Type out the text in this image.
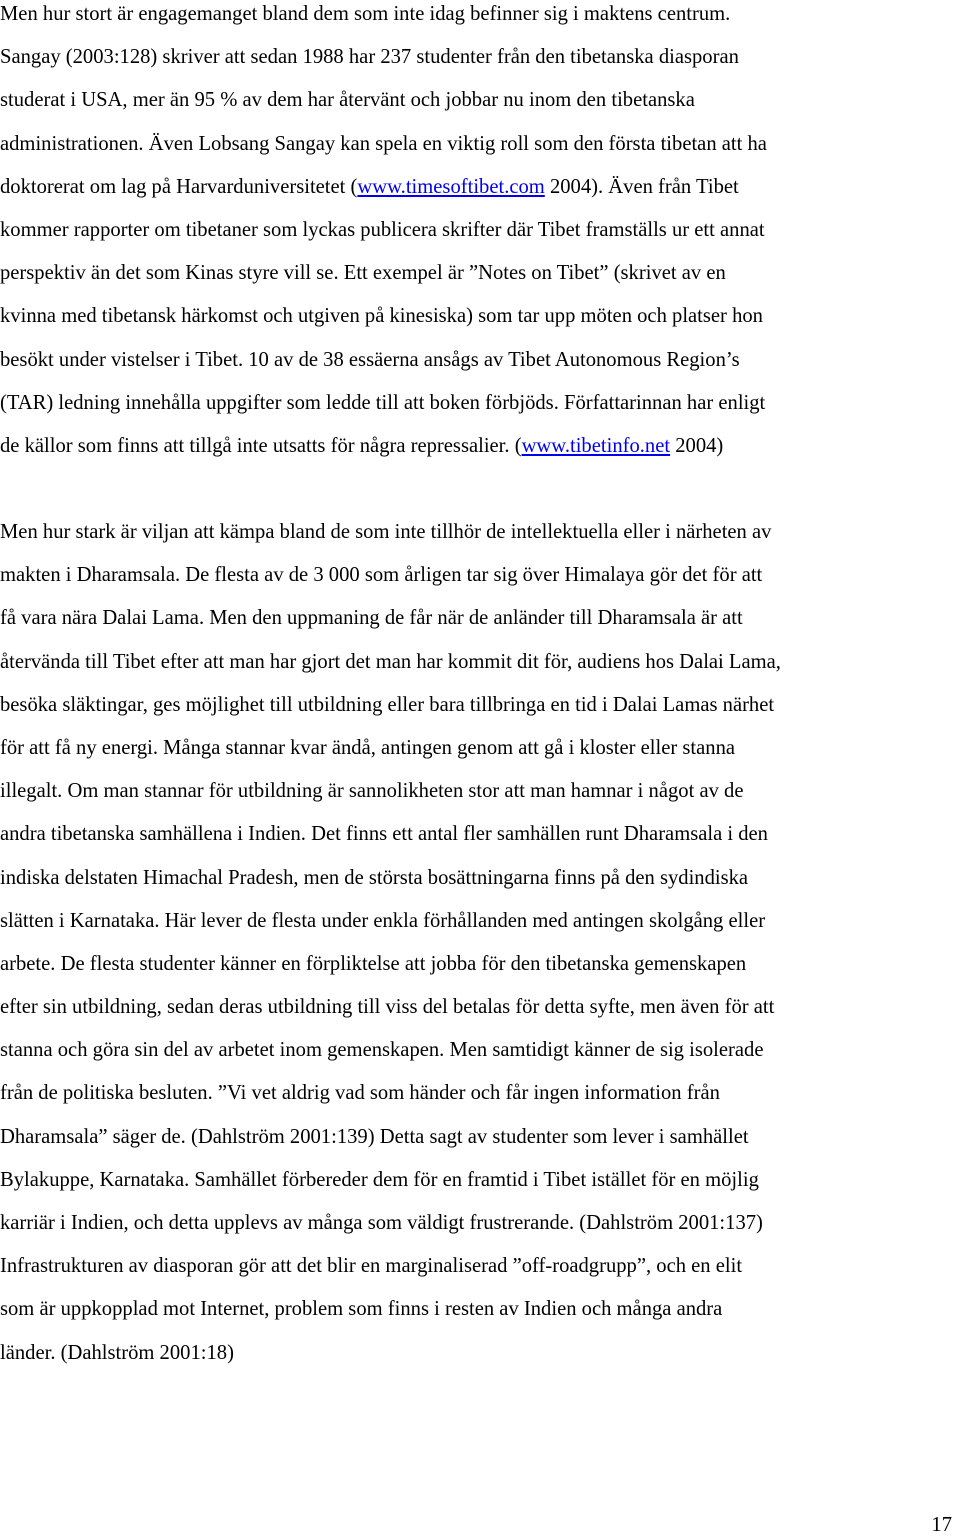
Men hur stort är engagemanget bland dem som inte idag befinner sig i maktens centrum.
Sangay (2003:128) skriver att sedan 1988 har 237 studenter från den tibetanska diasporan
studerat i USA, mer än 95 % av dem har återvänt och jobbar nu inom den tibetanska
administrationen. Även Lobsang Sangay kan spela en viktig roll som den första tibetan att ha
doktorerat om lag på Harvarduniversitetet (www.timesoftibet.com 2004). Även från Tibet
kommer rapporter om tibetaner som lyckas publicera skrifter där Tibet framställs ur ett annat
perspektiv än det som Kinas styre vill se. Ett exempel är ”Notes on Tibet” (skrivet av en
kvinna med tibetansk härkomst och utgiven på kinesiska) som tar upp möten och platser hon
besökt under vistelser i Tibet. 10 av de 38 essäerna ansågs av Tibet Autonomous Region’s
(TAR) ledning innehålla uppgifter som ledde till att boken förbjöds. Författarinnan har enligt
de källor som finns att tillgå inte utsatts för några repressalier. (www.tibetinfo.net 2004)
Men hur stark är viljan att kämpa bland de som inte tillhör de intellektuella eller i närheten av
makten i Dharamsala. De flesta av de 3 000 som årligen tar sig över Himalaya gör det för att
få vara nära Dalai Lama. Men den uppmaning de får när de anländer till Dharamsala är att
återvända till Tibet efter att man har gjort det man har kommit dit för, audiens hos Dalai Lama,
besöka släktingar, ges möjlighet till utbildning eller bara tillbringa en tid i Dalai Lamas närhet
för att få ny energi. Många stannar kvar ändå, antingen genom att gå i kloster eller stanna
illegalt. Om man stannar för utbildning är sannolikheten stor att man hamnar i något av de
andra tibetanska samhällena i Indien. Det finns ett antal fler samhällen runt Dharamsala i den
indiska delstaten Himachal Pradesh, men de största bosättningarna finns på den sydindiska
slätten i Karnataka. Här lever de flesta under enkla förhållanden med antingen skolgång eller
arbete. De flesta studenter känner en förpliktelse att jobba för den tibetanska gemenskapen
efter sin utbildning, sedan deras utbildning till viss del betalas för detta syfte, men även för att
stanna och göra sin del av arbetet inom gemenskapen. Men samtidigt känner de sig isolerade
från de politiska besluten. ”Vi vet aldrig vad som händer och får ingen information från
Dharamsala” säger de. (Dahlström 2001:139) Detta sagt av studenter som lever i samhället
Bylakuppe, Karnataka. Samhället förbereder dem för en framtid i Tibet istället för en möjlig
karriär i Indien, och detta upplevs av många som väldigt frustrerande. (Dahlström 2001:137)
Infrastrukturen av diasporan gör att det blir en marginaliserad ”off-roadgrupp”, och en elit
som är uppkopplad mot Internet, problem som finns i resten av Indien och många andra
länder. (Dahlström 2001:18)
17
